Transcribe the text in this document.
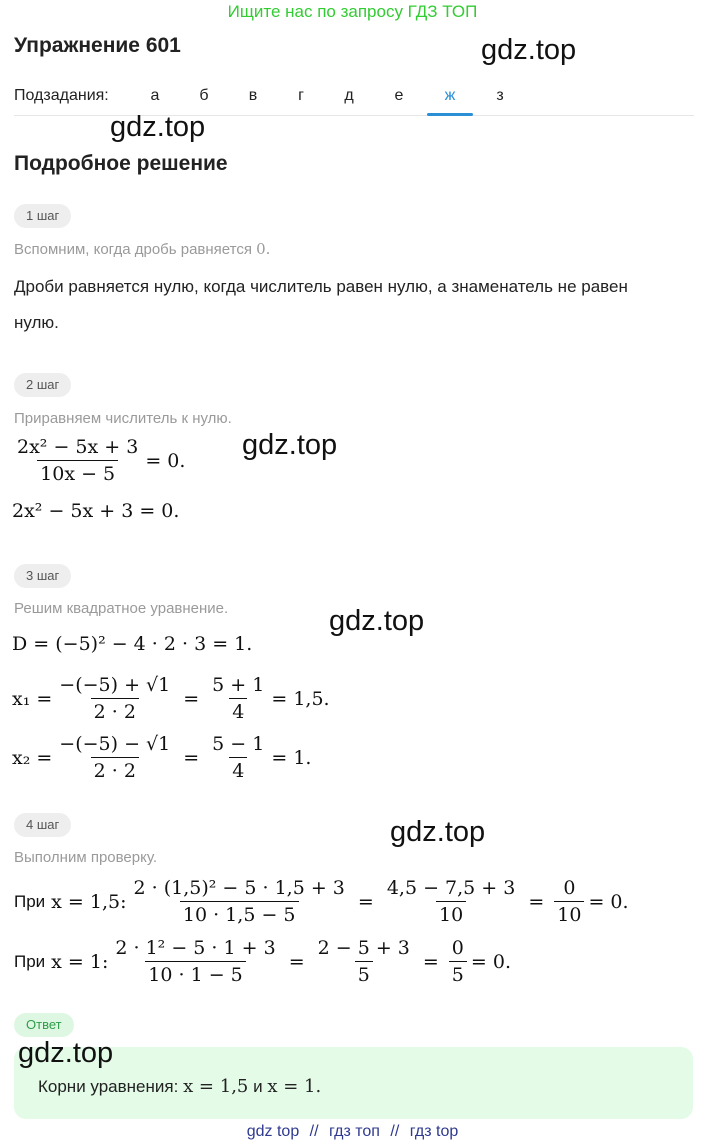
Ищите нас по запросу ГДЗ ТОП
Упражнение 601	gdz.top
Подзадания:	а	б	в	г	д	е	ж	з
gdz.top
Подробное решение
1 шаг
Вспомним, когда дробь равняется 0.
Дроби равняется нулю, когда числитель равен нулю, а знаменатель не равен
нулю.
2 шаг
Приравняем числитель к нулю.
$\frac{\text{2x² − 5x + 3}}{10x - 5} = 0$. gdz.top
2x² − 5x + 3 = 0.
3 шаг
Решим квадратное уравнение.	gdz.top
D = (−5)² − 4 · 2 · 3 = 1.
$x_1 = \frac{-(-5) + √1}{2 \cdot 2} = \frac{5 + 1}{4} = 1,5$.
$x_2 = \frac{-(-5) - √1}{2 \cdot 2} = \frac{5 - 1}{4} = 1$.
4 шаг	gdz.top
Выполним проверку.
При x = 1,5: $\frac{\text{2 · (1,5)² − 5 · 1,5 + 3}}{10 \cdot 1,5 - 5} = \frac{4,5 - 7,5 + 3}{10} = \frac{0}{10} = 0$.
При x = 1: $\frac{\text{2 · 1² − 5 · 1 + 3}}{10 \cdot 1 - 5} = \frac{2 - 5 + 3}{5} = \frac{0}{5} = 0$.
Ответ
gdz.top
Корни уравнения: x = 1,5 и x = 1.
gdz top // гдз топ // гдз top
